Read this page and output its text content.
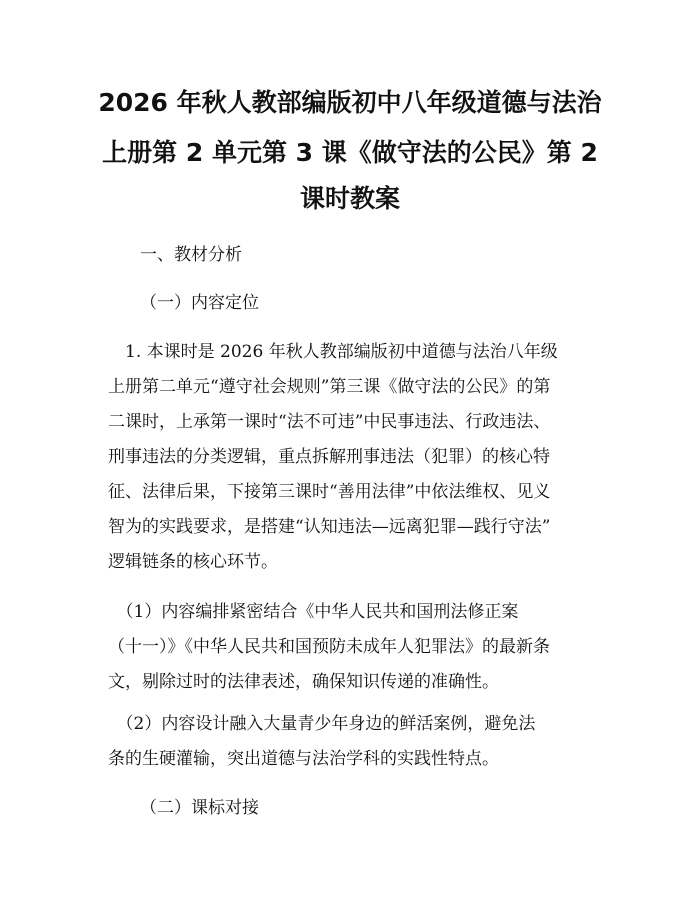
2026 年秋人教部编版初中八年级道德与法治
上册第 2 单元第 3 课《做守法的公民》第 2
课时教案
一、教材分析
（一）内容定位
　1. 本课时是 2026 年秋人教部编版初中道德与法治八年级
上册第二单元“遵守社会规则”第三课《做守法的公民》的第
二课时，上承第一课时“法不可违”中民事违法、行政违法、
刑事违法的分类逻辑，重点拆解刑事违法（犯罪）的核心特
征、法律后果，下接第三课时“善用法律”中依法维权、见义
智为的实践要求，是搭建“认知违法—远离犯罪—践行守法”
逻辑链条的核心环节。
　（1）内容编排紧密结合《中华人民共和国刑法修正案
（十一）》《中华人民共和国预防未成年人犯罪法》的最新条
文，剔除过时的法律表述，确保知识传递的准确性。
　（2）内容设计融入大量青少年身边的鲜活案例，避免法
条的生硬灌输，突出道德与法治学科的实践性特点。
（二）课标对接
